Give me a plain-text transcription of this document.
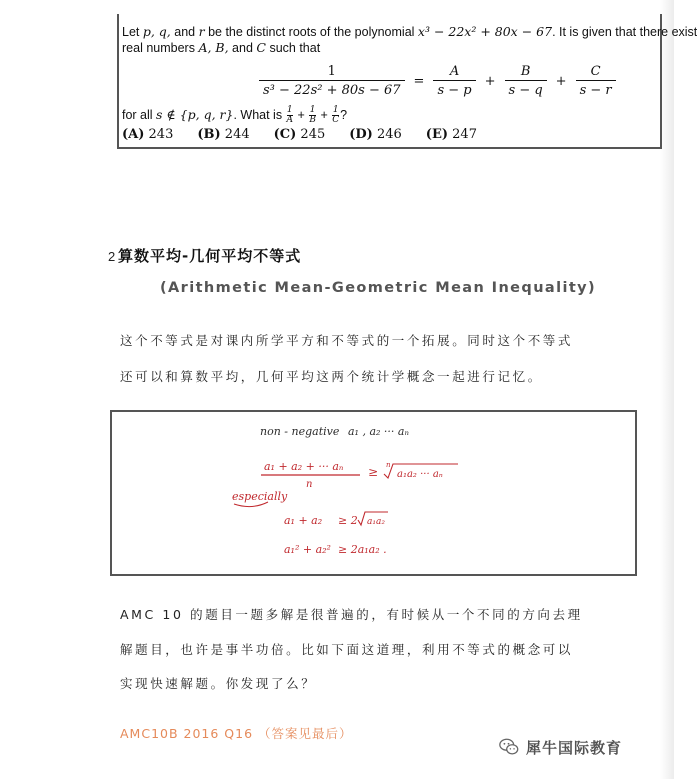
Let p, q, and r be the distinct roots of the polynomial x³ − 22x² + 80x − 67. It is given that there exist
real numbers A, B, and C such that
$\frac{1}{\text{s³ − 22s² + 80s − 67}} = \frac{A}{s - p} + \frac{B}{s - q} + \frac{C}{s - r}$
for all s ∉ {p, q, r}. What is $\frac{1}{A} + \frac{1}{B} + \frac{1}{C}$ ?
(A) 243 (B) 244 (C) 245 (D) 246 (E) 247
2 算数平均-几何平均不等式
(Arithmetic Mean-Geometric Mean Inequality)
这个不等式是对课内所学平方和不等式的一个拓展。同时这个不等式
还可以和算数平均，几何平均这两个统计学概念一起进行记忆。
non - negative a₁ , a₂ ··· aₙ
a₁ + a₂ + ··· aₙ
n
≥ n
a₁a₂ ··· aₙ
especially
a₁ + a₂ ≥ 2 a₁a₂
a₁² + a₂² ≥ 2a₁a₂ .
AMC 10 的题目一题多解是很普遍的，有时候从一个不同的方向去理
解题目，也许是事半功倍。比如下面这道理，利用不等式的概念可以
实现快速解题。你发现了么？
AMC10B 2016 Q16 （答案见最后）
犀牛国际教育
